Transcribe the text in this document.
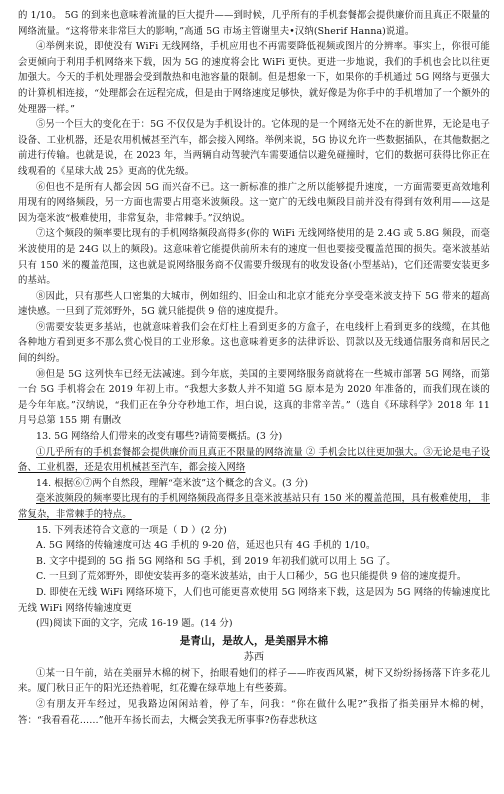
的 1/10。 5G 的到来也意味着流量的巨大提升——到时候，几乎所有的手机套餐都会提供廉价而且真正不限量的网络流量。“这将带来非常巨大的影响，”高通 5G 市场主管谢里夫•汉纳(Sherif Hanna)说道。

④举例来说，即使没有 WiFi 无线网络，手机应用也不再需要降低视频或图片的分辨率。事实上，你很可能会更倾向于利用手机网络来下载，因为 5G 的速度将会比 WiFi 更快。更进一步地说，我们的手机也会比以往更加强大。今天的手机处理器会受到散热和电池容量的限制。但是想象一下，如果你的手机通过 5G 网络与更强大的计算机相连接，“处理都会在远程完成，但是由于网络速度足够快，就好像是为你手中的手机增加了一个额外的处理器一样。”

⑤另一个巨大的变化在于：5G 不仅仅是为手机设计的。它体现的是一个网络无处不在的新世界，无论是电子设备、工业机器，还是农用机械甚至汽车，都会接入网络。举例来说，5G 协议允许一些数据插队，在其他数据之前进行传输。也就是说，在 2023 年，当两辆自动驾驶汽车需要通信以避免碰撞时，它们的数据可获得比你正在线观看的《星球大战 25》更高的优先级。

⑥但也不是所有人都会因 5G 而兴奋不已。这一新标准的推广之所以能够提升速度，一方面需要更高效地利用现有的网络频段，另一方面也需要占用毫米波频段。这一宽广的无线电频段目前并没有得到有效利用——这是因为毫米波“极难使用，非常复杂，非常棘手。”汉纳说。

⑦这个频段的频率要比现有的手机网络频段高得多(你的 WiFi 无线网络使用的是 2.4G 或 5.8G 频段，而毫米波使用的是 24G 以上的频段)。这意味着它能提供前所未有的速度一但也要接受覆盖范围的损失。毫米波基站只有 150 米的覆盖范围，这也就是说网络服务商不仅需要升级现有的收发设备(小型基站)，它们还需要安装更多的基站。

⑧因此，只有那些人口密集的大城市，例如纽约、旧金山和北京才能充分享受毫米波支持下 5G 带来的超高速快感。一旦到了荒郊野外，5G 就只能提供 9 倍的速度提升。

⑨需要安装更多基站，也就意味着我们会在灯柱上看到更多的方盒子，在电线杆上看到更多的线缆，在其他各种地方看到更多不那么赏心悦目的工业形象。这也意味着更多的法律诉讼、罚款以及无线通信服务商和居民之间的纠纷。

⑩但是 5G 这列快车已经无法减速。到今年底，美国的主要网络服务商就将在一些城市部署 5G 网络，而第一台 5G 手机将会在 2019 年初上市。“我想大多数人并不知道 5G 原本是为 2020 年准备的，而我们现在谈的是今年年底。”汉纳说，“我们正在争分夺秒地工作，坦白说，这真的非常辛苦。”（选自《环球科学》2018 年 11 月号总第 155 期 有删改

13. 5G 网络给人们带来的改变有哪些?请简要概括。(3 分)

①几乎所有的手机套餐都会提供廉价而且真正不限量的网络流量 ② 手机会比以往更加强大。③无论是电子设备、工业机器，还是农用机械甚至汽车，都会接入网络

14. 根据⑥⑦两个自然段，理解“毫米波”这个概念的含义。(3 分)

毫米波频段的频率要比现有的手机网络频段高得多且毫米波基站只有 150 米的覆盖范围，具有极难使用， 非常复杂，非常棘手的特点。

15. 下列表述符合文意的一项是（ D ）(2 分)

A. 5G 网络的传输速度可达 4G 手机的 9-20 倍，延迟也只有 4G 手机的 1/10。

B. 文字中提到的 5G 指 5G 网络和 5G 手机，到 2019 年初我们就可以用上 5G 了。

C. 一旦到了荒郊野外，即使安装再多的毫米波基站，由于人口稀少，5G 也只能提供 9 倍的速度提升。

D. 即使在无线 WiFi 网络环境下，人们也可能更喜欢使用 5G 网络来下载，这是因为 5G 网络的传输速度比无线 WiFi 网络传输速度更

(四)阅读下面的文字，完成 16-19 题。(14 分)

是青山，是故人，是美丽异木棉

苏西

①某一日午前，站在美丽异木棉的树下，抬眼看她们的样子——昨夜西风紧，树下又纷纷扬扬落下许多花儿来。厦门秋日正午的阳光还热着呢，红花瓣在绿草地上有些萎蔫。

②有朋友开车经过，见我路边闲闲站着，停了车，问我：“你在做什么呢?”我指了指美丽异木棉的树，答：“我看看花……”他开车扬长而去，大概会笑我无所事事?伤春悲秋这
